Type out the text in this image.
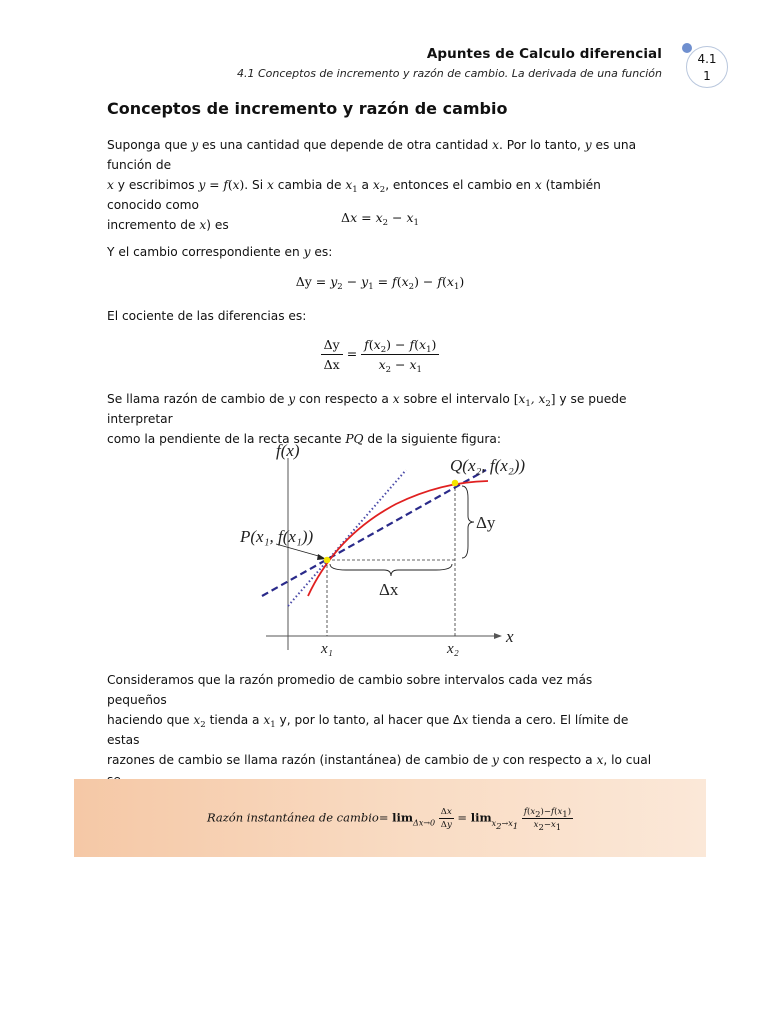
Apuntes de Calculo diferencial
4.1 Conceptos de incremento y razón de cambio. La derivada de una función
4.1
1
Conceptos de incremento y razón de cambio
Suponga que y es una cantidad que depende de otra cantidad x. Por lo tanto, y es una función de
x y escribimos y = f(x). Si x cambia de $x_1$ a $x_2$, entonces el cambio en x (también conocido como
incremento de x) es	$\Delta x = x_2 - x_1$
Y el cambio correspondiente en y es:
$\Delta y = y_2 - y_1 = f(x_2) - f(x_1)$
El cociente de las diferencias es:
$\frac{\Delta y}{\Delta x} = \frac{f(x_2) - f(x_1)}{x_2 - x_1}$
Se llama razón de cambio de y con respecto a x sobre el intervalo [$x_1$, $x_2$] y se puede interpretar
como la pendiente de la recta secante PQ de la siguiente figura:
f(x)
x
Q(x₂, f(x₂))
P(x₁, f(x₁))
Δy
Δx
x₁	x₂
Consideramos que la razón promedio de cambio sobre intervalos cada vez más pequeños
haciendo que $x_2$ tienda a $x_1$ y, por lo tanto, al hacer que Δx tienda a cero. El límite de estas
razones de cambio se llama razón (instantánea) de cambio de y con respecto a x, lo cual

Razón instantánea de cambio= $\lim_{\Delta x\to 0} \frac{\Delta x}{\Delta y} = \lim_{x_2\to x_1} \frac{f(x_2)-f(x_1)}{x_2-x_1}$
